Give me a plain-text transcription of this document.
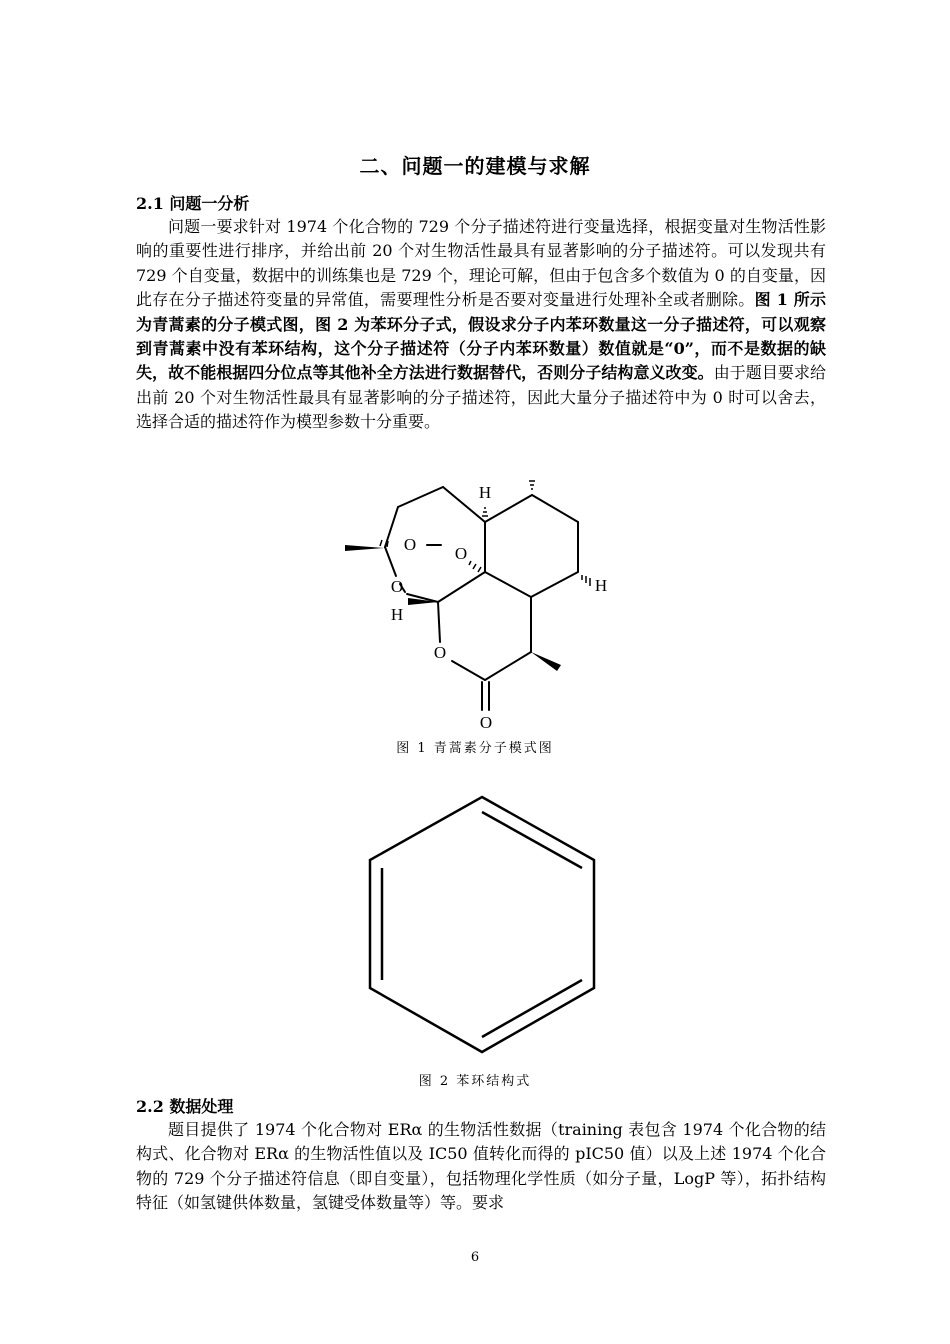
二、问题一的建模与求解
2.1 问题一分析

问题一要求针对 1974 个化合物的 729 个分子描述符进行变量选择，根据变量对生物活性影响的重要性进行排序，并给出前 20 个对生物活性最具有显著影响的分子描述符。可以发现共有 729 个自变量，数据中的训练集也是 729 个，理论可解，但由于包含多个数值为 0 的自变量，因此存在分子描述符变量的异常值，需要理性分析是否要对变量进行处理补全或者删除。图 1 所示为青蒿素的分子模式图，图 2 为苯环分子式，假设求分子内苯环数量这一分子描述符，可以观察到青蒿素中没有苯环结构，这个分子描述符（分子内苯环数量）数值就是“0”，而不是数据的缺失，故不能根据四分位点等其他补全方法进行数据替代，否则分子结构意义改变。由于题目要求给出前 20 个对生物活性最具有显著影响的分子描述符，因此大量分子描述符中为 0 时可以舍去，选择合适的描述符作为模型参数十分重要。

H
O O
O	H
H
O
O
图 1 青蒿素分子模式图
图 2 苯环结构式
2.2 数据处理

题目提供了 1974 个化合物对 ERα 的生物活性数据（training 表包含 1974 个化合物的结构式、化合物对 ERα 的生物活性值以及 IC50 值转化而得的 pIC50 值）以及上述 1974 个化合物的 729 个分子描述符信息（即自变量），包括物理化学性质（如分子量，LogP 等），拓扑结构特征（如氢键供体数量，氢键受体数量等）等。要求

6
